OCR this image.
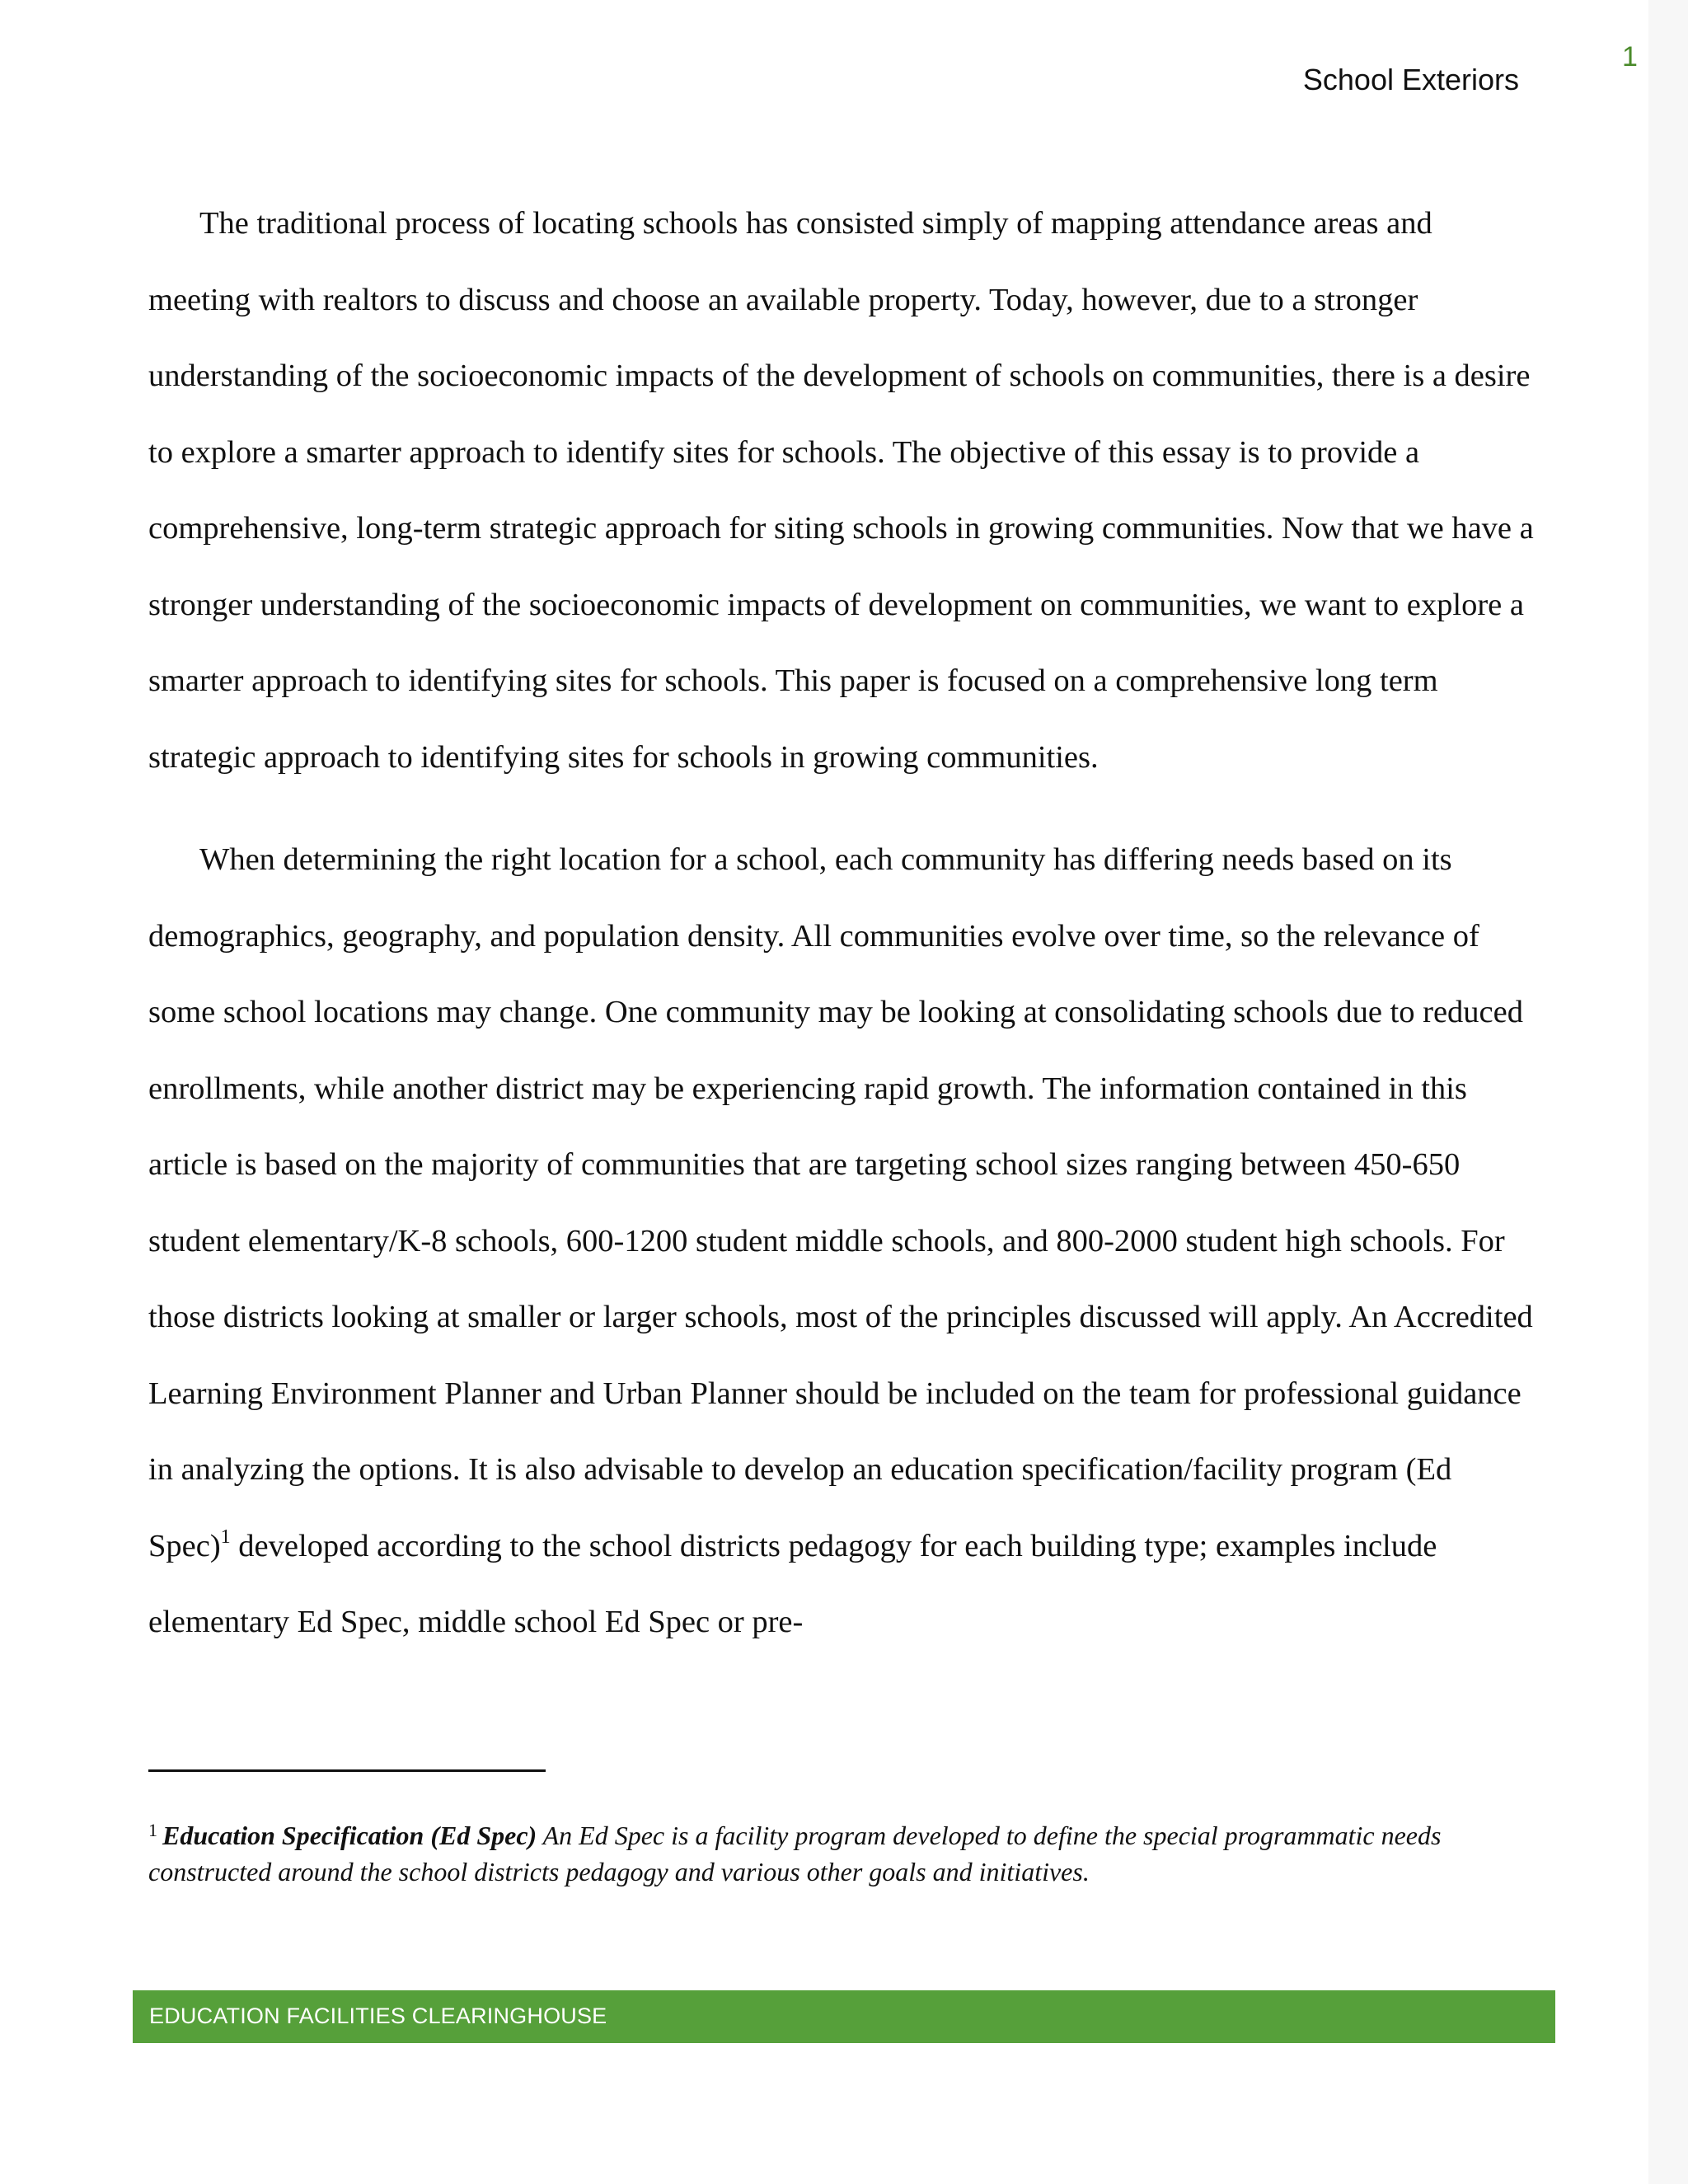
1
School Exteriors

The traditional process of locating schools has consisted simply of mapping attendance areas and meeting with realtors to discuss and choose an available property. Today, however, due to a stronger understanding of the socioeconomic impacts of the development of schools on communities, there is a desire to explore a smarter approach to identify sites for schools. The objective of this essay is to provide a comprehensive, long-term strategic approach for siting schools in growing communities. Now that we have a stronger understanding of the socioeconomic impacts of development on communities, we want to explore a smarter approach to identifying sites for schools. This paper is focused on a comprehensive long term strategic approach to identifying sites for schools in growing communities.

When determining the right location for a school, each community has differing needs based on its demographics, geography, and population density. All communities evolve over time, so the relevance of some school locations may change. One community may be looking at consolidating schools due to reduced enrollments, while another district may be experiencing rapid growth. The information contained in this article is based on the majority of communities that are targeting school sizes ranging between 450-650 student elementary/K-8 schools, 600-1200 student middle schools, and 800-2000 student high schools. For those districts looking at smaller or larger schools, most of the principles discussed will apply. An Accredited Learning Environment Planner and Urban Planner should be included on the team for professional guidance in analyzing the options. It is also advisable to develop an education specification/facility program (Ed Spec)$^1$ developed according to the school districts pedagogy for each building type; examples include elementary Ed Spec, middle school Ed Spec or pre-

$^1$ Education Specification (Ed Spec) An Ed Spec is a facility program developed to define the special programmatic needs constructed around the school districts pedagogy and various other goals and initiatives.
EDUCATION FACILITIES CLEARINGHOUSE
